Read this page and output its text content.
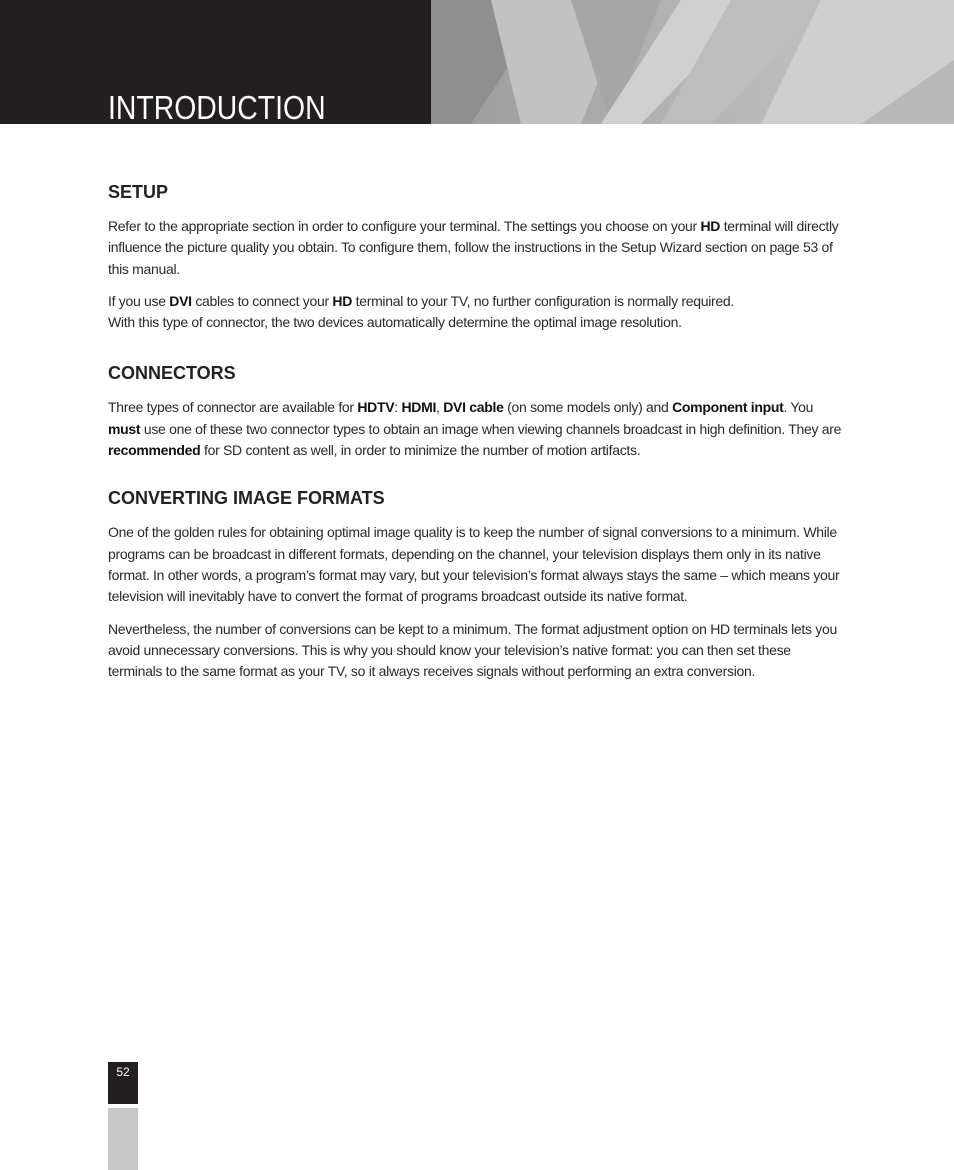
INTRODUCTION
SETUP

Refer to the appropriate section in order to configure your terminal. The settings you choose on your HD terminal will directly influence the picture quality you obtain. To configure them, follow the instructions in the Setup Wizard section on page 53 of this manual.

If you use DVI cables to connect your HD terminal to your TV, no further configuration is normally required.
With this type of connector, the two devices automatically determine the optimal image resolution.

CONNECTORS

Three types of connector are available for HDTV: HDMI, DVI cable (on some models only) and Component input. You must use one of these two connector types to obtain an image when viewing channels broadcast in high definition. They are recommended for SD content as well, in order to minimize the number of motion artifacts.

CONVERTING IMAGE FORMATS

One of the golden rules for obtaining optimal image quality is to keep the number of signal conversions to a minimum. While programs can be broadcast in different formats, depending on the channel, your television displays them only in its native format. In other words, a program’s format may vary, but your television’s format always stays the same – which means your television will inevitably have to convert the format of programs broadcast outside its native format.

Nevertheless, the number of conversions can be kept to a minimum. The format adjustment option on HD terminals lets you avoid unnecessary conversions. This is why you should know your television’s native format: you can then set these terminals to the same format as your TV, so it always receives signals without performing an extra conversion.

52
